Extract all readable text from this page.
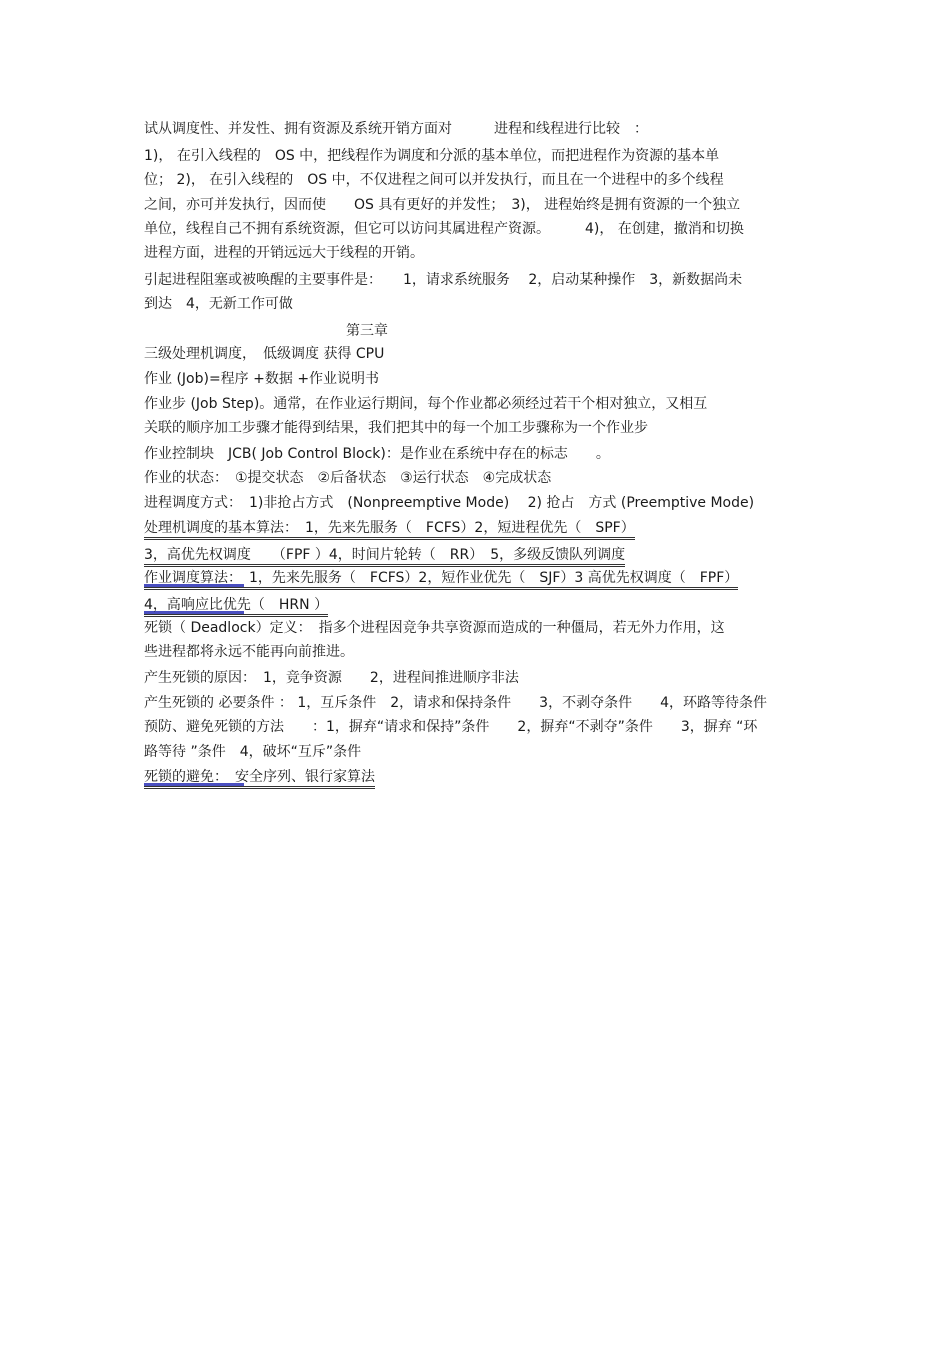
试从调度性、并发性、拥有资源及系统开销方面对　　　进程和线程进行比较　：
1)， 在引入线程的　OS 中，把线程作为调度和分派的基本单位，而把进程作为资源的基本单
位； 2)， 在引入线程的　OS 中，不仅进程之间可以并发执行，而且在一个进程中的多个线程
之间，亦可并发执行，因而使　　OS 具有更好的并发性；　3)， 进程始终是拥有资源的一个独立
单位，线程自己不拥有系统资源，但它可以访问其属进程产资源。　　　4)， 在创建，撤消和切换
进程方面，进程的开销远远大于线程的开销。
引起进程阻塞或被唤醒的主要事件是：　　1，请求系统服务　 2，启动某种操作　3，新数据尚未
到达　4，无新工作可做
第三章
三级处理机调度，　低级调度 获得 CPU
作业 (Job)=程序 +数据 +作业说明书
作业步 (Job Step)。通常，在作业运行期间，每个作业都必须经过若干个相对独立，又相互
关联的顺序加工步骤才能得到结果，我们把其中的每一个加工步骤称为一个作业步
作业控制块　JCB( Job Control Block)：是作业在系统中存在的标志　　。
作业的状态：　①提交状态　②后备状态　③运行状态　④完成状态
进程调度方式：　1)非抢占方式　(Nonpreemptive Mode)　 2) 抢占　方式 (Preemptive Mode)
处理机调度的基本算法：　1，先来先服务（　FCFS）2，短进程优先（　SPF）
3，高优先权调度　　（FPF ）4，时间片轮转（　RR）　5，多级反馈队列调度
作业调度算法：　1，先来先服务（　FCFS）2，短作业优先（　SJF）3 高优先权调度（　FPF）
4，高响应比优先（　HRN ）
死锁（ Deadlock）定义：　指多个进程因竞争共享资源而造成的一种僵局，若无外力作用，这
些进程都将永远不能再向前推进。
产生死锁的原因：　1，竞争资源　　2，进程间推进顺序非法
产生死锁的 必要条件 ： 1，互斥条件　2，请求和保持条件　　3，不剥夺条件　　4，环路等待条件
预防、避免死锁的方法　　：1，摒弃“请求和保持”条件　　2，摒弃“不剥夺”条件　　3，摒弃 “环
路等待 ”条件　4，破坏“互斥”条件
死锁的避免：　安全序列、银行家算法
